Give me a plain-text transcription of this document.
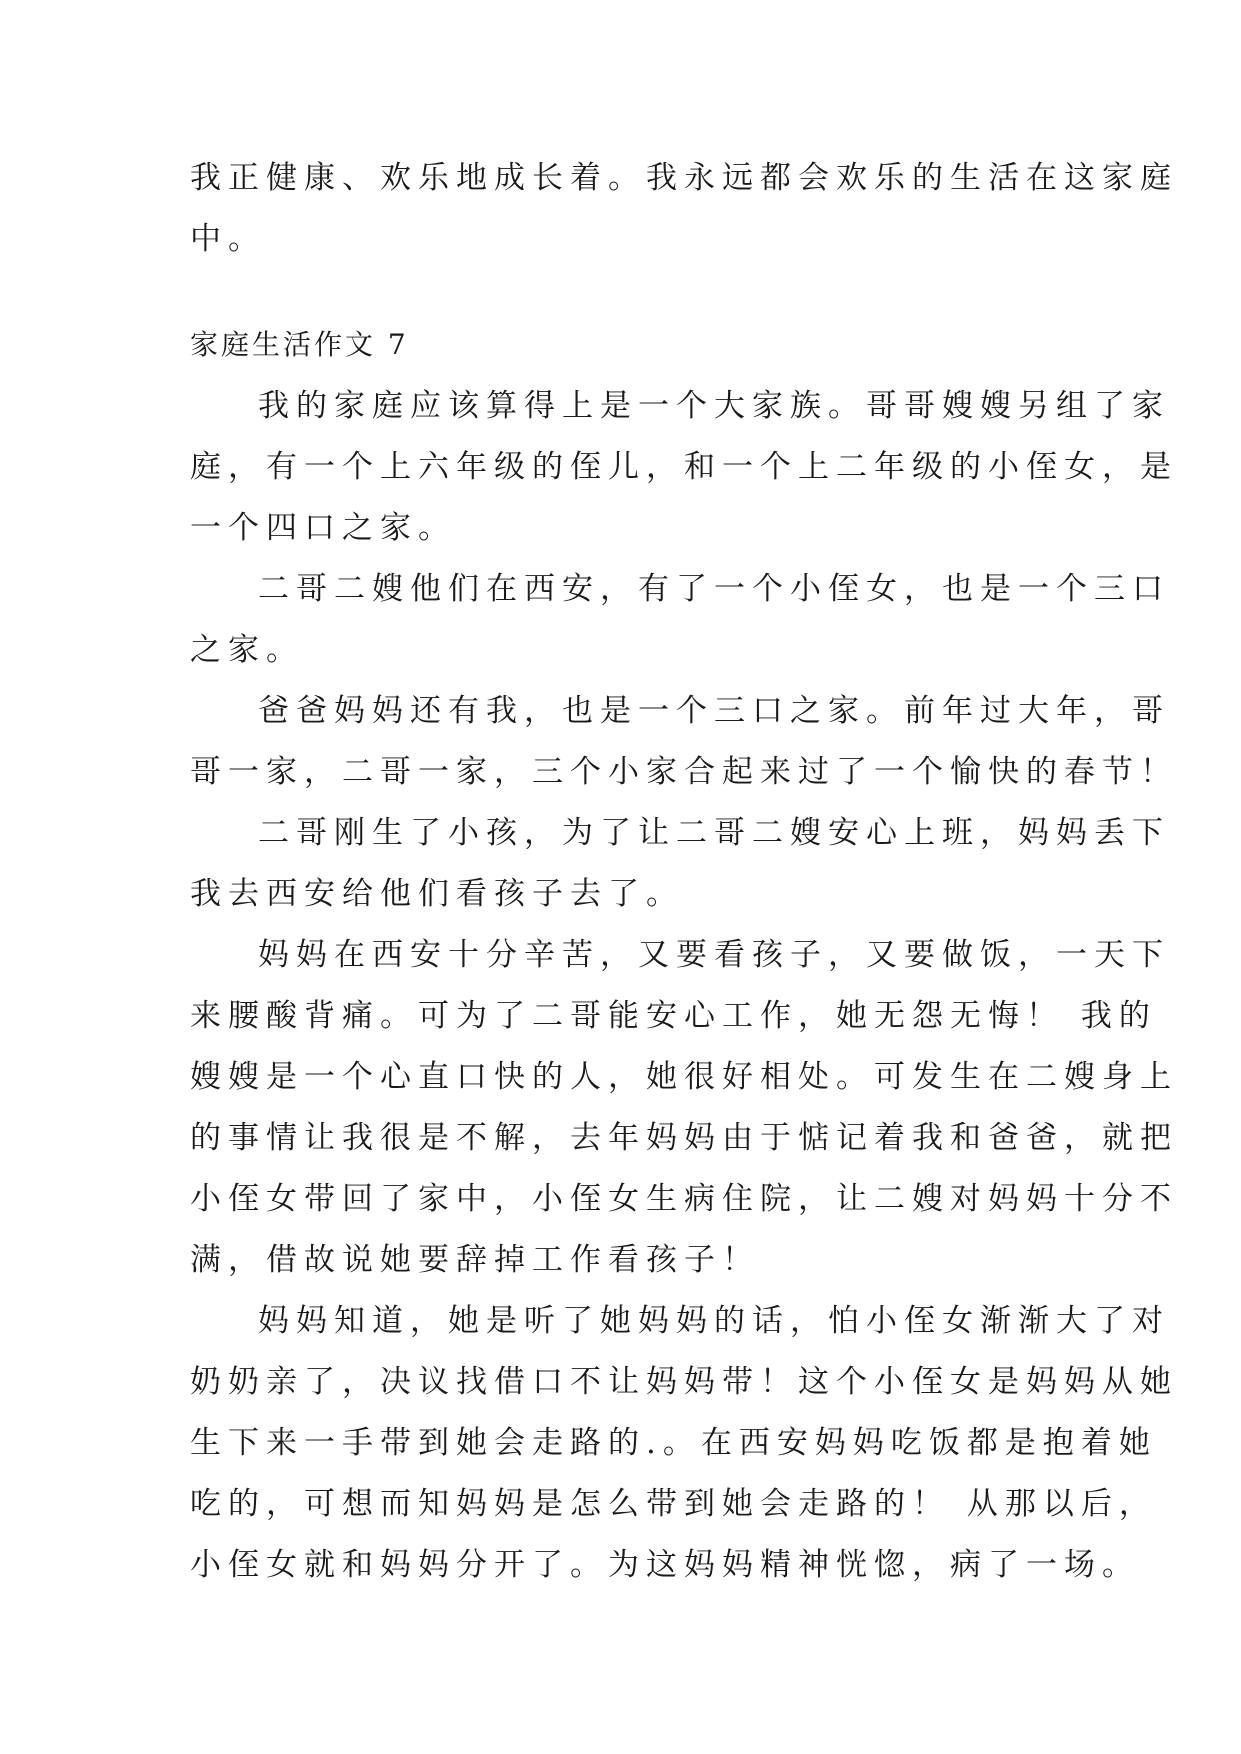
我正健康、欢乐地成长着。我永远都会欢乐的生活在这家庭

中。

家庭生活作文 7

我的家庭应该算得上是一个大家族。哥哥嫂嫂另组了家

庭，有一个上六年级的侄儿，和一个上二年级的小侄女，是

一个四口之家。

二哥二嫂他们在西安，有了一个小侄女，也是一个三口

之家。

爸爸妈妈还有我，也是一个三口之家。前年过大年，哥

哥一家，二哥一家，三个小家合起来过了一个愉快的春节！

二哥刚生了小孩，为了让二哥二嫂安心上班，妈妈丢下

我去西安给他们看孩子去了。

妈妈在西安十分辛苦，又要看孩子，又要做饭，一天下

来腰酸背痛。可为了二哥能安心工作，她无怨无悔！ 我的

嫂嫂是一个心直口快的人，她很好相处。可发生在二嫂身上

的事情让我很是不解，去年妈妈由于惦记着我和爸爸，就把

小侄女带回了家中，小侄女生病住院，让二嫂对妈妈十分不

满，借故说她要辞掉工作看孩子！

妈妈知道，她是听了她妈妈的话，怕小侄女渐渐大了对

奶奶亲了，决议找借口不让妈妈带！这个小侄女是妈妈从她

生下来一手带到她会走路的.。在西安妈妈吃饭都是抱着她

吃的，可想而知妈妈是怎么带到她会走路的！ 从那以后，

小侄女就和妈妈分开了。为这妈妈精神恍惚，病了一场。
